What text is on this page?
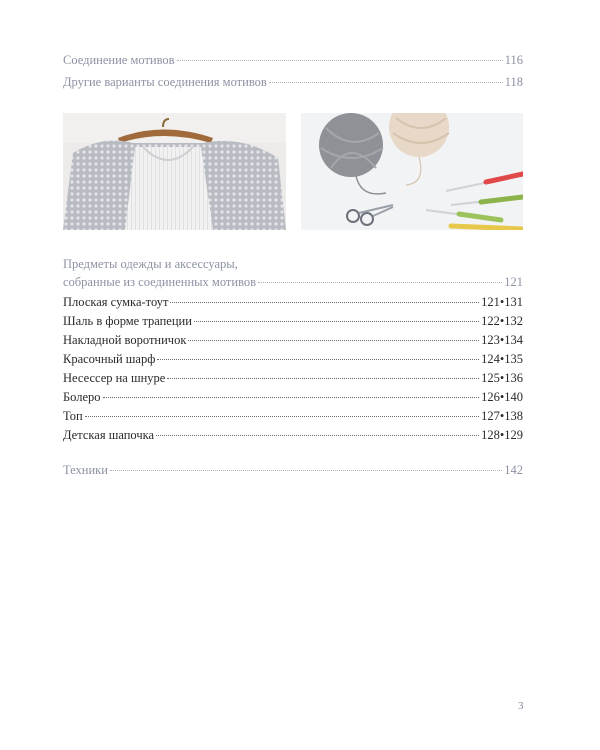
Соединение мотивов	116
Другие варианты соединения мотивов	118
Предметы одежды и аксессуары,
собранные из соединенных мотивов	121
Плоская сумка-тоут	121•131
Шаль в форме трапеции	122•132
Накладной воротничок	123•134
Красочный шарф	124•135
Несессер на шнуре	125•136
Болеро	126•140
Топ	127•138
Детская шапочка	128•129
Техники	142
3
